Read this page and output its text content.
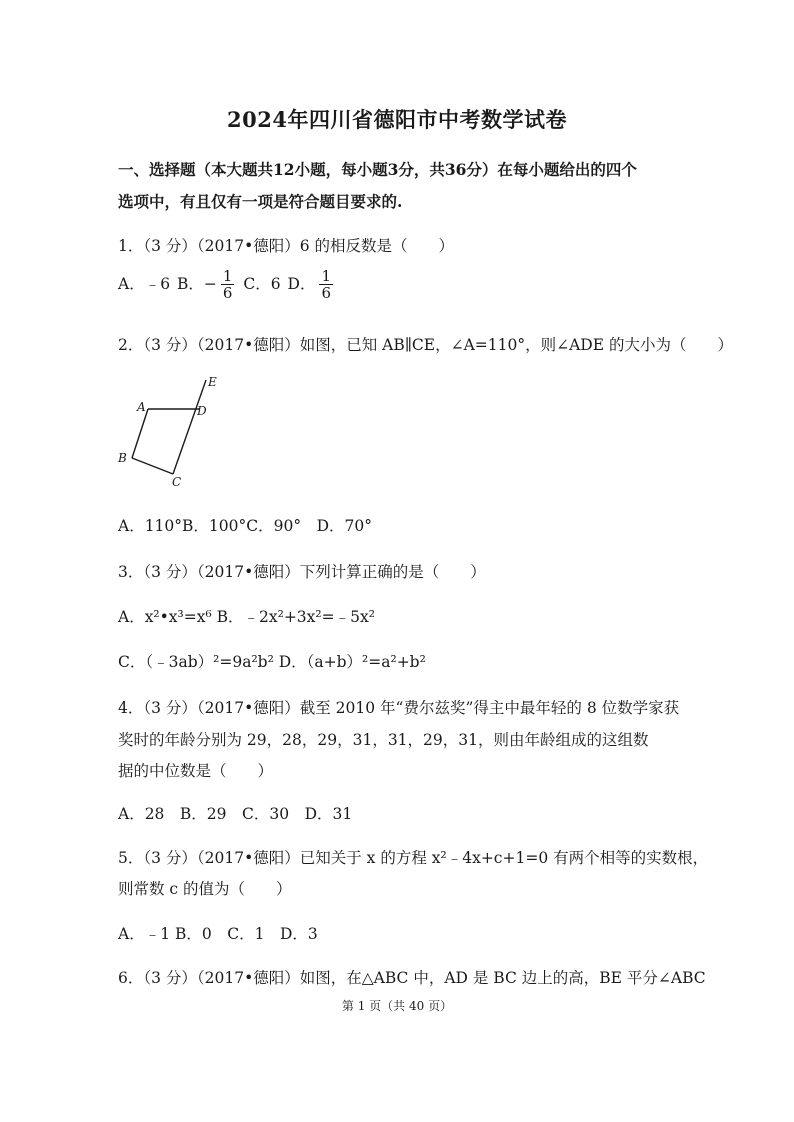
2024年四川省德阳市中考数学试卷
一、选择题（本大题共12小题，每小题3分，共36分）在每小题给出的四个
选项中，有且仅有一项是符合题目要求的.
1．（3 分）（2017•德阳）6 的相反数是（　　）
A．﹣6 B．− $\frac{1}{6}$ C．6 D． $\frac{1}{6}$
2．（3 分）（2017•德阳）如图，已知 AB∥CE，∠A=110°，则∠ADE 的大小为（　　）
A	D
E
B
C
A．110°B．100°C．90°　D．70°
3．（3 分）（2017•德阳）下列计算正确的是（　　）
A．x²•x³=x⁶ B．﹣2x²+3x²=﹣5x²
C．（﹣3ab）²=9a²b² D．（a+b）²=a²+b²
4．（3 分）（2017•德阳）截至 2010 年“费尔兹奖”得主中最年轻的 8 位数学家获
奖时的年龄分别为 29，28，29，31，31，29，31，则由年龄组成的这组数
据的中位数是（　　）
A．28　B．29　C．30　D．31
5．（3 分）（2017•德阳）已知关于 x 的方程 x²﹣4x+c+1=0 有两个相等的实数根，
则常数 c 的值为（　　）
A．﹣1 B．0　C．1　D．3
6．（3 分）（2017•德阳）如图，在△ABC 中，AD 是 BC 边上的高，BE 平分∠ABC
第 1 页（共 40 页）
